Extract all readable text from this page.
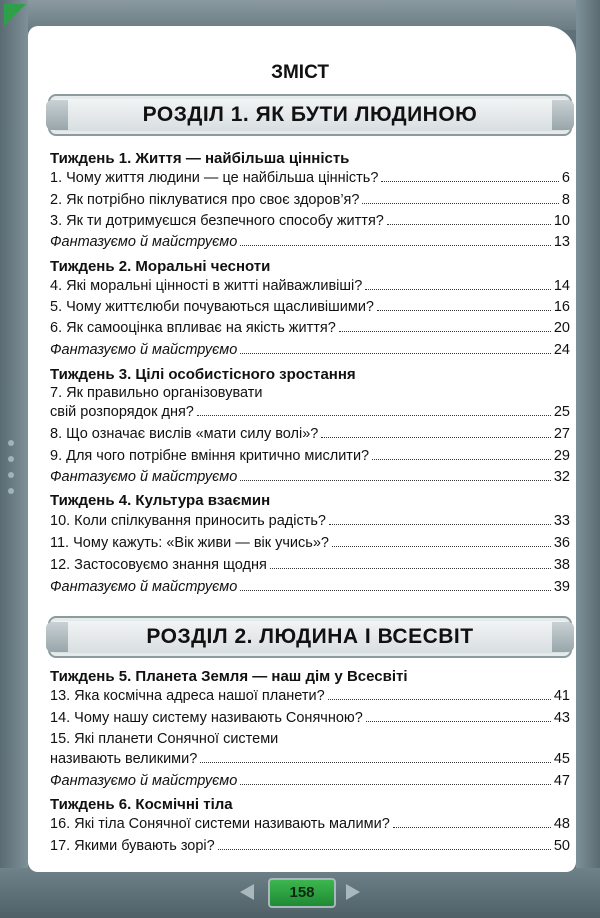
ЗМІСТ
РОЗДІЛ 1. ЯК БУТИ ЛЮДИНОЮ
Тиждень 1. Життя — найбільша цінність
1. Чому життя людини — це найбільша цінність?	6
2. Як потрібно піклуватися про своє здоров’я?	8
3. Як ти дотримуєшся безпечного способу життя?	10
Фантазуємо й майструємо	13
Тиждень 2. Моральні чесноти
4. Які моральні цінності в житті найважливіші?	14
5. Чому життєлюби почуваються щасливішими?	16
6. Як самооцінка впливає на якість життя?	20
Фантазуємо й майструємо	24
Тиждень 3. Цілі особистісного зростання
7. Як правильно організовувати
свій розпорядок дня?	25
8. Що означає вислів «мати силу волі»?	27
9. Для чого потрібне вміння критично мислити?	29
Фантазуємо й майструємо	32
Тиждень 4. Культура взаємин
10. Коли спілкування приносить радість?	33
11. Чому кажуть: «Вік живи — вік учись»?	36
12. Застосовуємо знання щодня	38
Фантазуємо й майструємо	39
РОЗДІЛ 2. ЛЮДИНА І ВСЕСВІТ
Тиждень 5. Планета Земля — наш дім у Всесвіті
13. Яка космічна адреса нашої планети?	41
14. Чому нашу систему називають Сонячною?	43
15. Які планети Сонячної системи
називають великими?	45
Фантазуємо й майструємо	47
Тиждень 6. Космічні тіла
16. Які тіла Сонячної системи називають малими?	48
17. Якими бувають зорі?	50
158
